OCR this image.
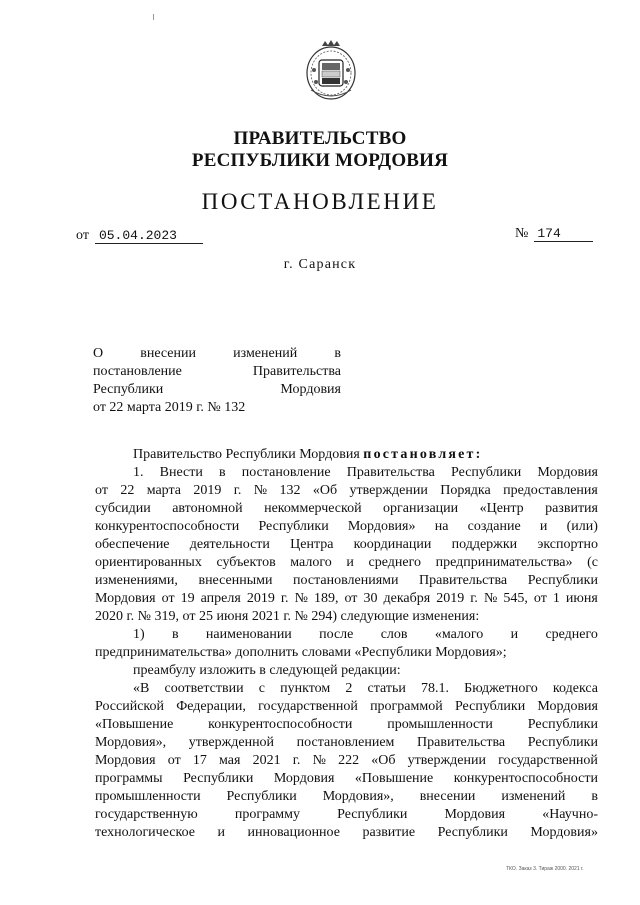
ПРАВИТЕЛЬСТВО
РЕСПУБЛИКИ МОРДОВИЯ
ПОСТАНОВЛЕНИЕ
от 05.04.2023	№ 174
г. Саранск
О	внесении	изменений	в
постановление	Правительства
Республики	Мордовия
от 22 марта 2019 г. № 132
Правительство Республики Мордовия постановляет:
1. Внести в постановление Правительства Республики Мордовия
от 22 марта 2019 г. № 132 «Об утверждении Порядка предоставления
субсидии автономной некоммерческой организации «Центр развития
конкурентоспособности Республики Мордовия» на создание и (или)
обеспечение деятельности Центра координации поддержки экспортно
ориентированных субъектов малого и среднего предпринимательства» (с
изменениями, внесенными постановлениями Правительства Республики
Мордовия от 19 апреля 2019 г. № 189, от 30 декабря 2019 г. № 545, от 1 июня
2020 г. № 319, от 25 июня 2021 г. № 294) следующие изменения:
1) в наименовании после слов «малого и среднего
предпринимательства» дополнить словами «Республики Мордовия»;
преамбулу изложить в следующей редакции:
«В соответствии с пунктом 2 статьи 78.1. Бюджетного кодекса
Российской Федерации, государственной программой Республики Мордовия
«Повышение конкурентоспособности промышленности Республики
Мордовия», утвержденной постановлением Правительства Республики
Мордовия от 17 мая 2021 г. № 222 «Об утверждении государственной
программы Республики Мордовия «Повышение конкурентоспособности
промышленности Республики Мордовия», внесении изменений в
государственную	программу	Республики	Мордовия	«Научно-
технологическое и инновационное развитие Республики Мордовия»
ТКО. Заказ 3. Тираж 2000. 2021 г.
